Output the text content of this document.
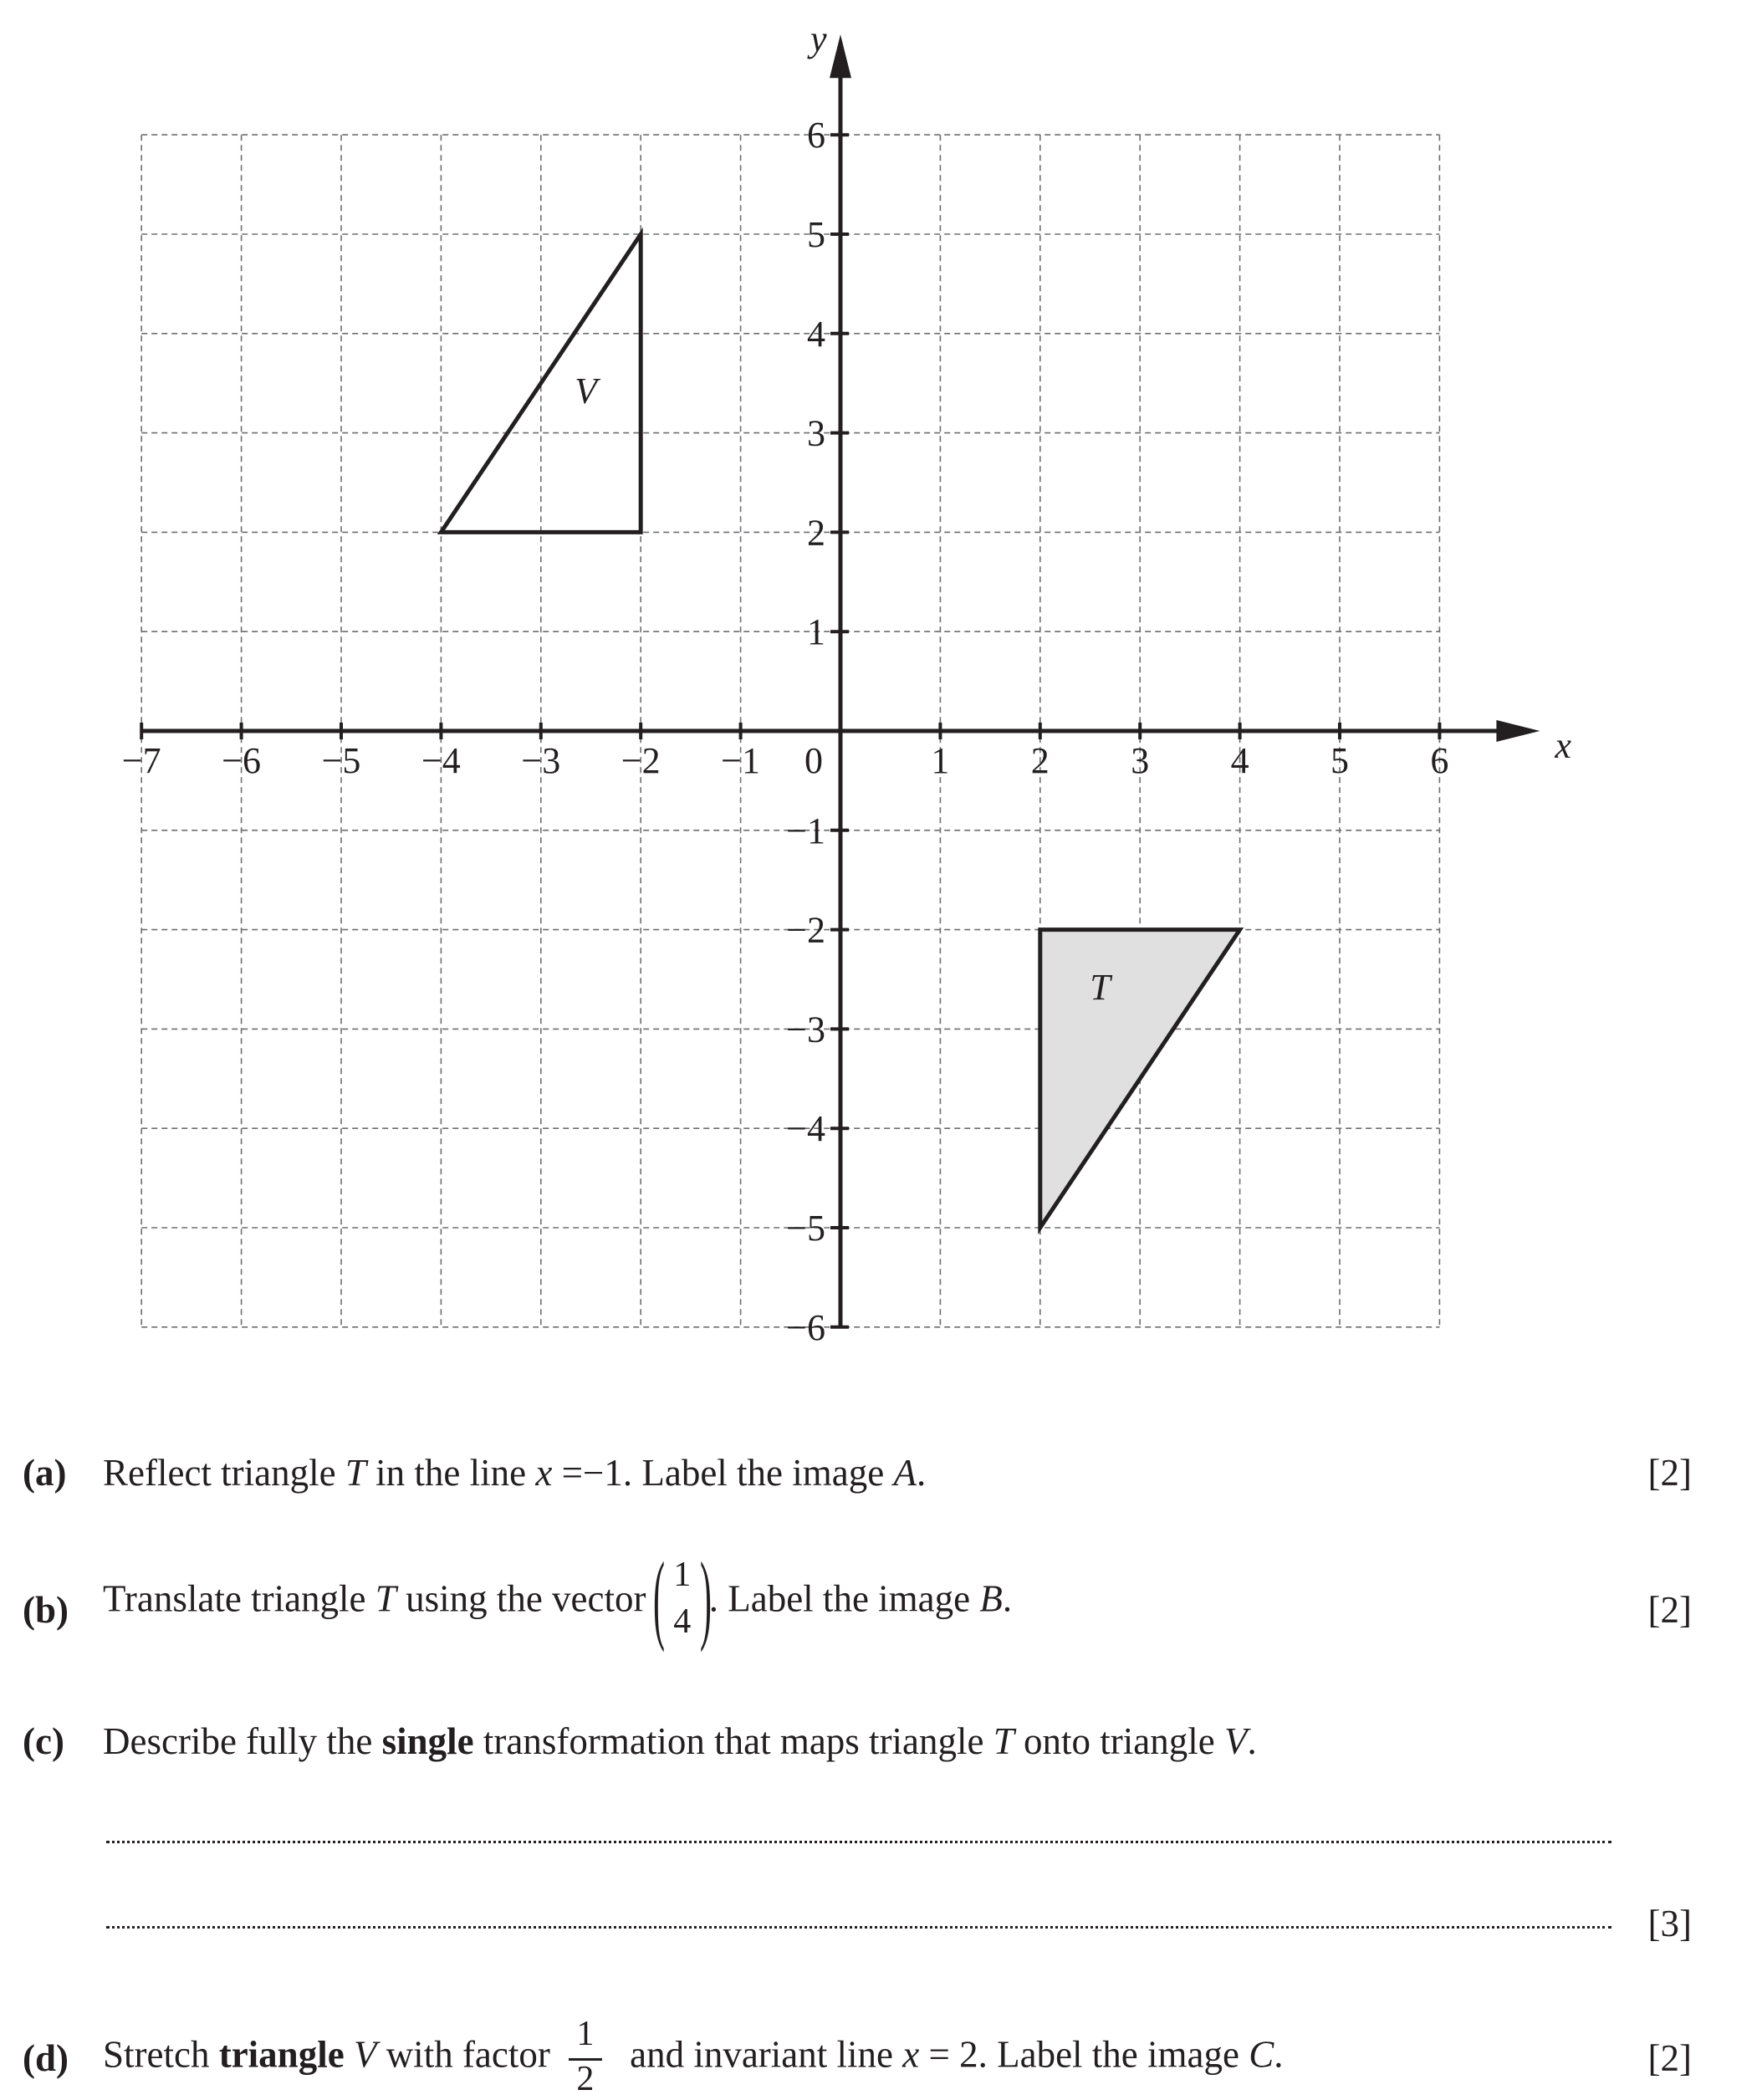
x
y
−7 −6 −5 −4 −3 −2 −1 0	1 2 3 4 5 6
6
5
4
3
2
1
−1
−2
−3
−4
−5
−6
V
T
(a) Reflect triangle T in the line x =−1. Label the image A.	[2]
(b) Translate triangle T using the vector
( 1
4 )
. Label the image B.	[2]
(c) Describe fully the single transformation that maps triangle T onto triangle V.
[3]
(d) Stretch triangle V with factor $\frac{1}{2}$ and invariant line x = 2. Label the image C.	[2]
